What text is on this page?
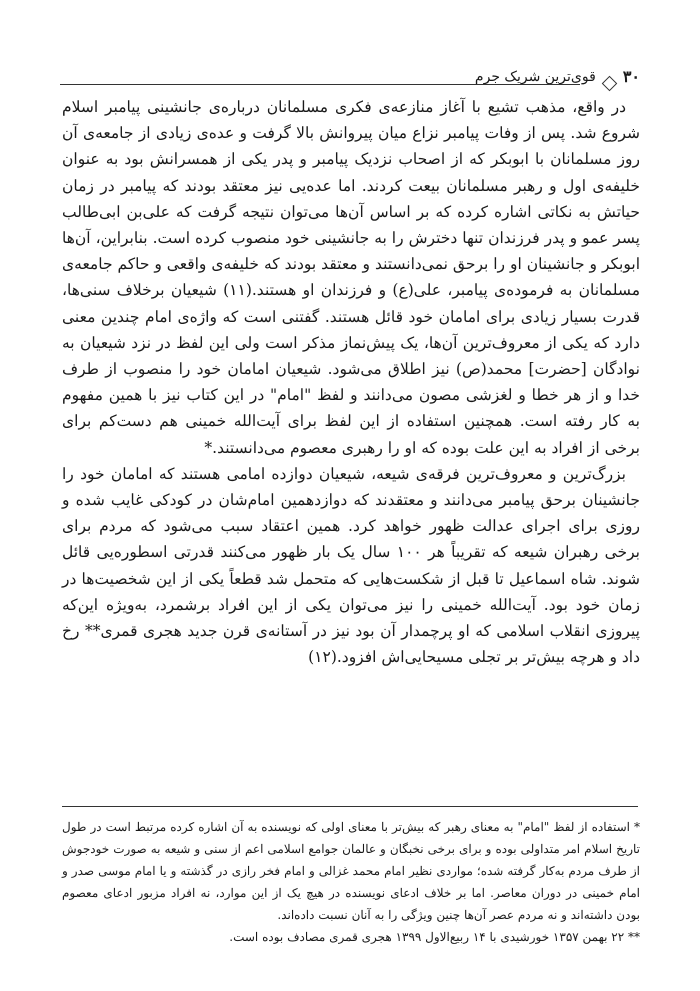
۳۰
قوی‌ترین شریک جرم

در واقع، مذهب تشیع با آغاز منازعه‌ی فکری مسلمانان درباره‌ی جانشینی پیامبر اسلام شروع شد. پس از وفات پیامبر نزاع میان پیروانش بالا گرفت و عده‌ی زیادی از جامعه‌ی آن روز مسلمانان با ابوبکر که از اصحاب نزدیک پیامبر و پدر یکی از همسرانش بود به عنوان خلیفه‌ی اول و رهبر مسلمانان بیعت کردند. اما عده‌یی نیز معتقد بودند که پیامبر در زمان حیاتش به نکاتی اشاره کرده که بر اساس آن‌ها می‌توان نتیجه گرفت که علی‌بن ابی‌طالب پسر عمو و پدر فرزندان تنها دخترش را به جانشینی خود منصوب کرده است. بنابراین، آن‌ها ابوبکر و جانشینان او را برحق نمی‌دانستند و معتقد بودند که خلیفه‌ی واقعی و حاکم جامعه‌ی مسلمانان به فرموده‌ی پیامبر، علی(ع) و فرزندان او هستند.(۱۱) شیعیان برخلاف سنی‌ها، قدرت بسیار زیادی برای امامان خود قائل هستند. گفتنی است که واژه‌ی امام چندین معنی دارد که یکی از معروف‌ترین آن‌ها، یک پیش‌نماز مذکر است ولی این لفظ در نزد شیعیان به نوادگان [حضرت] محمد(ص) نیز اطلاق می‌شود. شیعیان امامان خود را منصوب از طرف خدا و از هر خطا و لغزشی مصون می‌دانند و لفظ "امام" در این کتاب نیز با همین مفهوم به کار رفته است. همچنین استفاده از این لفظ برای آیت‌الله خمینی هم دست‌کم برای برخی از افراد به این علت بوده که او را رهبری معصوم می‌دانستند.*

بزرگ‌ترین و معروف‌ترین فرقه‌ی شیعه، شیعیان دوازده امامی هستند که امامان خود را جانشینان برحق پیامبر می‌دانند و معتقدند که دوازدهمین امام‌شان در کودکی غایب شده و روزی برای اجرای عدالت ظهور خواهد کرد. همین اعتقاد سبب می‌شود که مردم برای برخی رهبران شیعه که تقریباً هر ۱۰۰ سال یک بار ظهور می‌کنند قدرتی اسطوره‌یی قائل شوند. شاه اسماعیل تا قبل از شکست‌هایی که متحمل شد قطعاً یکی از این شخصیت‌ها در زمان خود بود. آیت‌الله خمینی را نیز می‌توان یکی از این افراد برشمرد، به‌ویژه این‌که پیروزی انقلاب اسلامی که او پرچمدار آن بود نیز در آستانه‌ی قرن جدید هجری قمری** رخ داد و هرچه بیش‌تر بر تجلی مسیحایی‌اش افزود.(۱۲)

* استفاده از لفظ "امام" به معنای رهبر که بیش‌تر با معنای اولی که نویسنده به آن اشاره کرده مرتبط است در طول تاریخ اسلام امر متداولی بوده و برای برخی نخبگان و عالمان جوامع اسلامی اعم از سنی و شیعه به صورت خودجوش از طرف مردم به‌کار گرفته شده؛ مواردی نظیر امام محمد غزالی و امام فخر رازی در گذشته و یا امام موسی صدر و امام خمینی در دوران معاصر. اما بر خلاف ادعای نویسنده در هیچ یک از این موارد، نه افراد مزبور ادعای معصوم بودن داشته‌اند و نه مردم عصر آن‌ها چنین ویژگی را به آنان نسبت داده‌اند.

** ۲۲ بهمن ۱۳۵۷ خورشیدی با ۱۴ ربیع‌الاول ۱۳۹۹ هجری قمری مصادف بوده است.
